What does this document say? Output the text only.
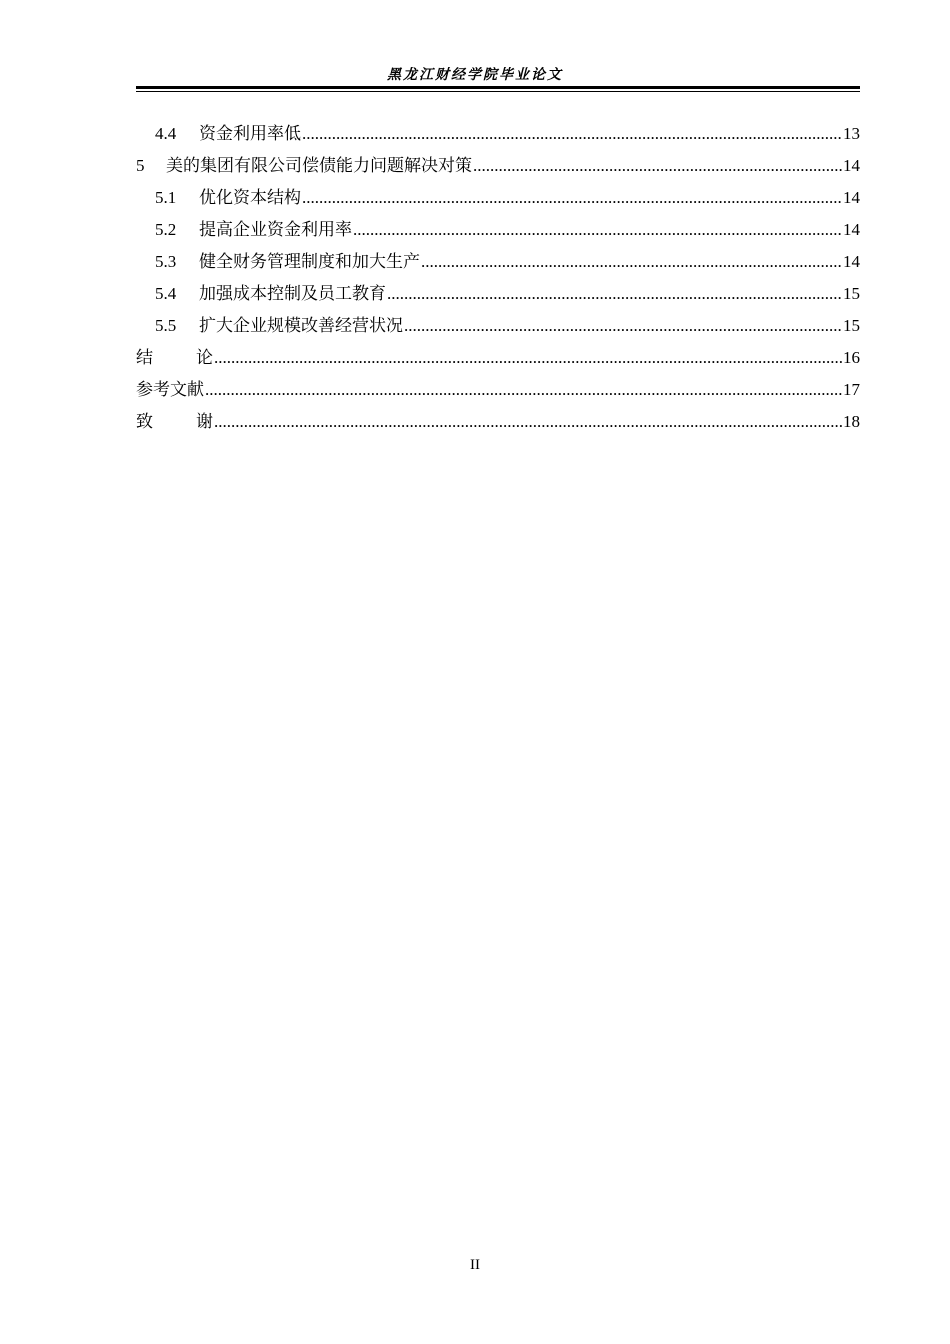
黑龙江财经学院毕业论文
4.4	资金利用率低 .....	13
5	美的集团有限公司偿债能力问题解决对策 .....	14
5.1	优化资本结构 .....	14
5.2	提高企业资金利用率 .....	14
5.3	健全财务管理制度和加大生产 .....	14
5.4	加强成本控制及员工教育 .....	15
5.5	扩大企业规模改善经营状况 .....	15
结论 .....	16
参考文献 .....	17
致谢 .....	18
II
